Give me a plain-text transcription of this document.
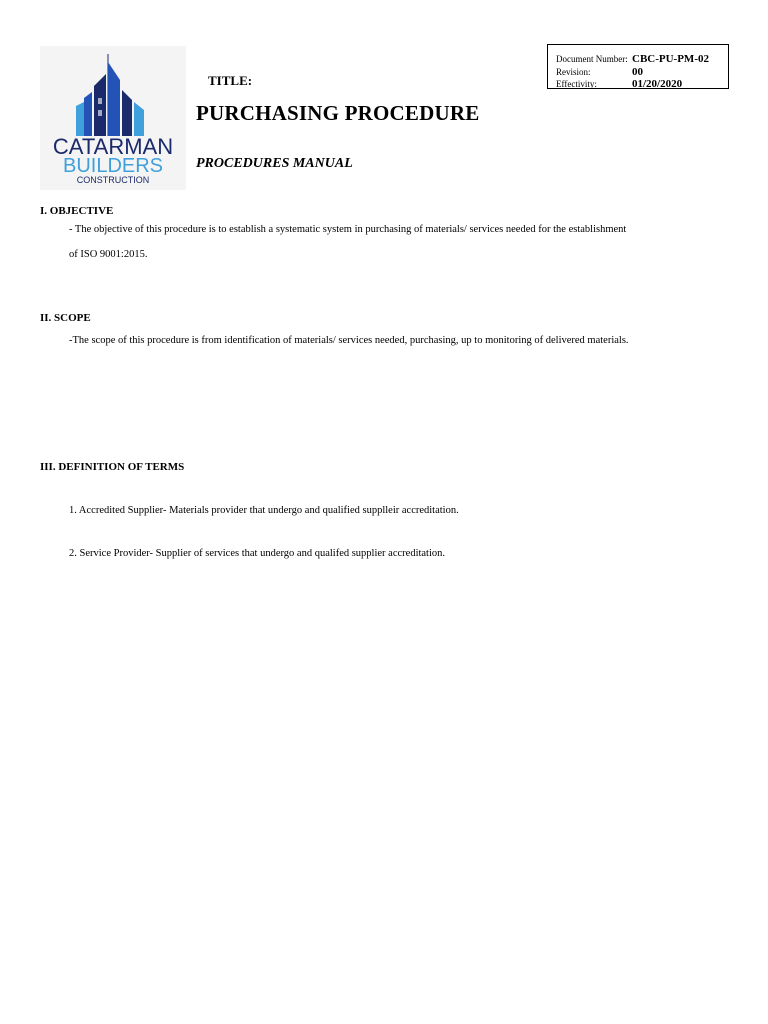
CATARMAN
BUILDERS
CONSTRUCTION
TITLE:
PURCHASING PROCEDURE
PROCEDURES MANUAL
Document Number: CBC-PU-PM-02
Revision:	00
Effectivity:	01/20/2020
I. OBJECTIVE
- The objective of this procedure is to establish a systematic system in purchasing of materials/ services needed for the establishment
of ISO 9001:2015.
II. SCOPE
-The scope of this procedure is from identification of materials/ services needed, purchasing, up to monitoring of delivered materials.
III. DEFINITION OF TERMS
1. Accredited Supplier- Materials provider that undergo and qualified supplleir accreditation.
2. Service Provider- Supplier of services that undergo and qualifed supplier accreditation.
